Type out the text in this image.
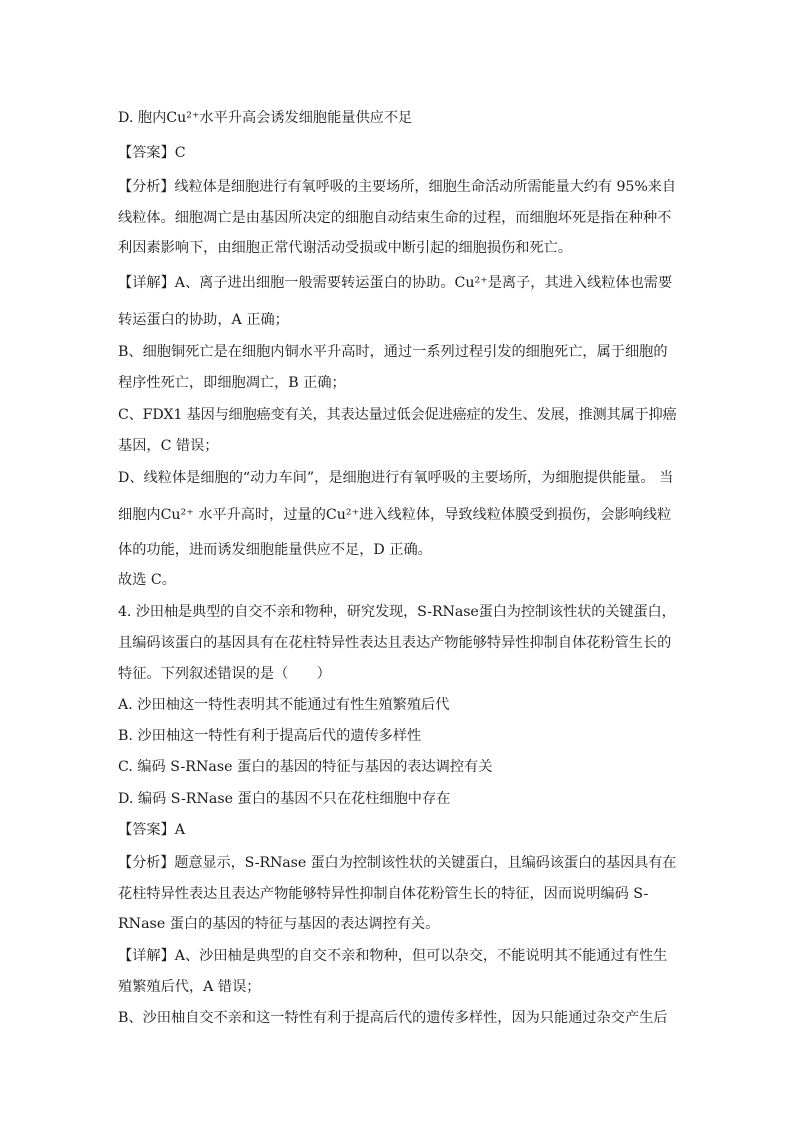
D. 胞内Cu²⁺水平升高会诱发细胞能量供应不足
【答案】C
【分析】线粒体是细胞进行有氧呼吸的主要场所，细胞生命活动所需能量大约有 95%来自
线粒体。细胞凋亡是由基因所决定的细胞自动结束生命的过程，而细胞坏死是指在种种不
利因素影响下，由细胞正常代谢活动受损或中断引起的细胞损伤和死亡。
【详解】A、离子进出细胞一般需要转运蛋白的协助。Cu²⁺是离子，其进入线粒体也需要
转运蛋白的协助，A 正确；
B、细胞铜死亡是在细胞内铜水平升高时，通过一系列过程引发的细胞死亡，属于细胞的
程序性死亡，即细胞凋亡，B 正确；
C、FDX1 基因与细胞癌变有关，其表达量过低会促进癌症的发生、发展，推测其属于抑癌
基因，C 错误；
D、线粒体是细胞的“动力车间”，是细胞进行有氧呼吸的主要场所，为细胞提供能量。 当
细胞内Cu²⁺ 水平升高时，过量的Cu²⁺进入线粒体，导致线粒体膜受到损伤，会影响线粒
体的功能，进而诱发细胞能量供应不足，D 正确。
故选 C。
4. 沙田柚是典型的自交不亲和物种，研究发现，S-RNase蛋白为控制该性状的关键蛋白，
且编码该蛋白的基因具有在花柱特异性表达且表达产物能够特异性抑制自体花粉管生长的
特征。下列叙述错误的是（　　）
A. 沙田柚这一特性表明其不能通过有性生殖繁殖后代
B. 沙田柚这一特性有利于提高后代的遗传多样性
C. 编码 S-RNase 蛋白的基因的特征与基因的表达调控有关
D. 编码 S-RNase 蛋白的基因不只在花柱细胞中存在
【答案】A
【分析】题意显示，S-RNase 蛋白为控制该性状的关键蛋白，且编码该蛋白的基因具有在
花柱特异性表达且表达产物能够特异性抑制自体花粉管生长的特征，因而说明编码 S-
RNase 蛋白的基因的特征与基因的表达调控有关。
【详解】A、沙田柚是典型的自交不亲和物种，但可以杂交，不能说明其不能通过有性生
殖繁殖后代，A 错误；
B、沙田柚自交不亲和这一特性有利于提高后代的遗传多样性，因为只能通过杂交产生后
